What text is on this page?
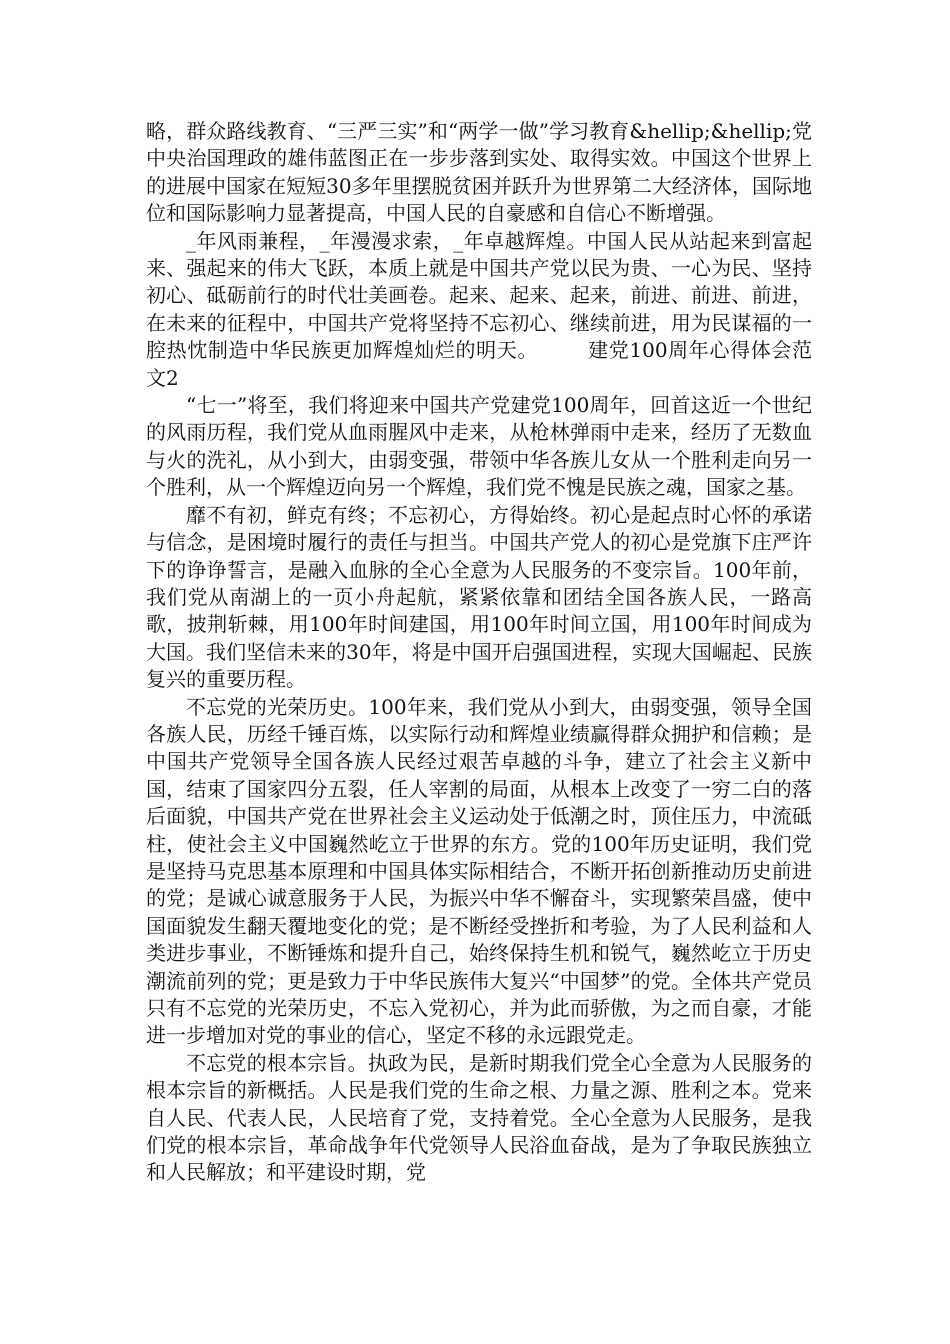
略，群众路线教育、“三严三实”和“两学一做”学习教育&hellip;&hellip;党中央治国理政的雄伟蓝图正在一步步落到实处、取得实效。中国这个世界上的进展中国家在短短30多年里摆脱贫困并跃升为世界第二大经济体，国际地位和国际影响力显著提高，中国人民的自豪感和自信心不断增强。

_年风雨兼程，_年漫漫求索，_年卓越辉煌。中国人民从站起来到富起来、强起来的伟大飞跃，本质上就是中国共产党以民为贵、一心为民、坚持初心、砥砺前行的时代壮美画卷。起来、起来、起来，前进、前进、前进，在未来的征程中，中国共产党将坚持不忘初心、继续前进，用为民谋福的一腔热忱制造中华民族更加辉煌灿烂的明天。	建党100周年心得体会范文2

“七一”将至，我们将迎来中国共产党建党100周年，回首这近一个世纪的风雨历程，我们党从血雨腥风中走来，从枪林弹雨中走来，经历了无数血与火的洗礼，从小到大，由弱变强，带领中华各族儿女从一个胜利走向另一个胜利，从一个辉煌迈向另一个辉煌，我们党不愧是民族之魂，国家之基。

靡不有初，鲜克有终；不忘初心，方得始终。初心是起点时心怀的承诺与信念，是困境时履行的责任与担当。中国共产党人的初心是党旗下庄严许下的诤诤誓言，是融入血脉的全心全意为人民服务的不变宗旨。100年前，我们党从南湖上的一页小舟起航，紧紧依靠和团结全国各族人民，一路高歌，披荆斩棘，用100年时间建国，用100年时间立国，用100年时间成为大国。我们坚信未来的30年，将是中国开启强国进程，实现大国崛起、民族复兴的重要历程。

不忘党的光荣历史。100年来，我们党从小到大，由弱变强，领导全国各族人民，历经千锤百炼，以实际行动和辉煌业绩赢得群众拥护和信赖；是中国共产党领导全国各族人民经过艰苦卓越的斗争，建立了社会主义新中国，结束了国家四分五裂，任人宰割的局面，从根本上改变了一穷二白的落后面貌，中国共产党在世界社会主义运动处于低潮之时，顶住压力，中流砥柱，使社会主义中国巍然屹立于世界的东方。党的100年历史证明，我们党是坚持马克思基本原理和中国具体实际相结合，不断开拓创新推动历史前进的党；是诚心诚意服务于人民，为振兴中华不懈奋斗，实现繁荣昌盛，使中国面貌发生翻天覆地变化的党；是不断经受挫折和考验，为了人民利益和人类进步事业，不断锤炼和提升自己，始终保持生机和锐气，巍然屹立于历史潮流前列的党；更是致力于中华民族伟大复兴“中国梦”的党。全体共产党员只有不忘党的光荣历史，不忘入党初心，并为此而骄傲，为之而自豪，才能进一步增加对党的事业的信心，坚定不移的永远跟党走。

不忘党的根本宗旨。执政为民，是新时期我们党全心全意为人民服务的根本宗旨的新概括。人民是我们党的生命之根、力量之源、胜利之本。党来自人民、代表人民，人民培育了党，支持着党。全心全意为人民服务，是我们党的根本宗旨，革命战争年代党领导人民浴血奋战，是为了争取民族独立和人民解放；和平建设时期，党
